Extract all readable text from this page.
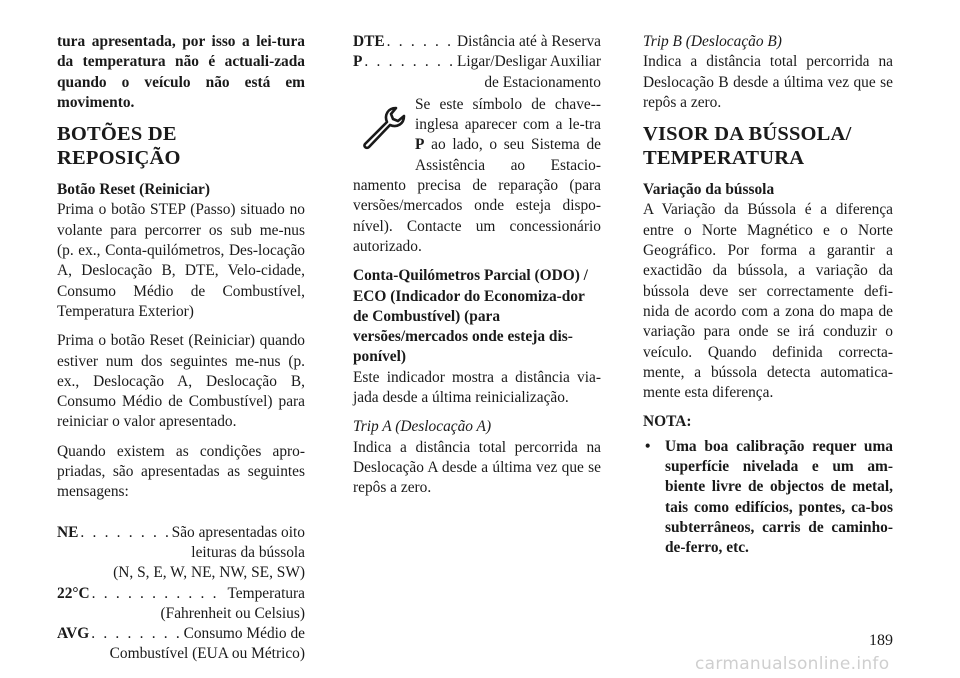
tura apresentada, por isso a lei-tura da temperatura não é actuali-zada quando o veículo não está em movimento.

BOTÕES DE REPOSIÇÃO
Botão Reset (Reiniciar)

Prima o botão STEP (Passo) situado no volante para percorrer os sub me-nus (p. ex., Conta-quilómetros, Des-locação A, Deslocação B, DTE, Velo-cidade, Consumo Médio de Combustível, Temperatura Exterior)

Prima o botão Reset (Reiniciar) quando estiver num dos seguintes me-nus (p. ex., Deslocação A, Deslocação B, Consumo Médio de Combustível) para reiniciar o valor apresentado.

Quando existem as condições apro-priadas, são apresentadas as seguintes mensagens:

NE . . .	São apresentadas oito
leituras da bússola
(N, S, E, W, NE, NW, SE, SW)
22°C . . .	Temperatura
(Fahrenheit ou Celsius)
AVG . . .	Consumo Médio de
Combustível (EUA ou Métrico)
DTE . . .	Distância até à Reserva
P . . .	Ligar/Desligar Auxiliar
de Estacionamento

Se este símbolo de chave--inglesa aparecer com a le-tra P ao lado, o seu Sistema de Assistência ao Estacio-namento precisa de reparação (para versões/mercados onde esteja dispo-nível). Contacte um concessionário autorizado.

Conta-Quilómetros Parcial (ODO) / ECO (Indicador do Economiza-dor de Combustível) (para versões/mercados onde esteja dis-ponível)

Este indicador mostra a distância via-jada desde a última reinicialização.

Trip A (Deslocação A)

Indica a distância total percorrida na Deslocação A desde a última vez que se repôs a zero.

Trip B (Deslocação B)

Indica a distância total percorrida na Deslocação B desde a última vez que se repôs a zero.

VISOR DA BÚSSOLA/ TEMPERATURA
Variação da bússola

A Variação da Bússola é a diferença entre o Norte Magnético e o Norte Geográfico. Por forma a garantir a exactidão da bússola, a variação da bússola deve ser correctamente defi-nida de acordo com a zona do mapa de variação para onde se irá conduzir o veículo. Quando definida correcta-mente, a bússola detecta automatica-mente esta diferença.

NOTA:

• Uma boa calibração requer uma superfície nivelada e um am-biente livre de objectos de metal, tais como edifícios, pontes, ca-bos subterrâneos, carris de caminho-de-ferro, etc.
189
carmanualsonline.info
